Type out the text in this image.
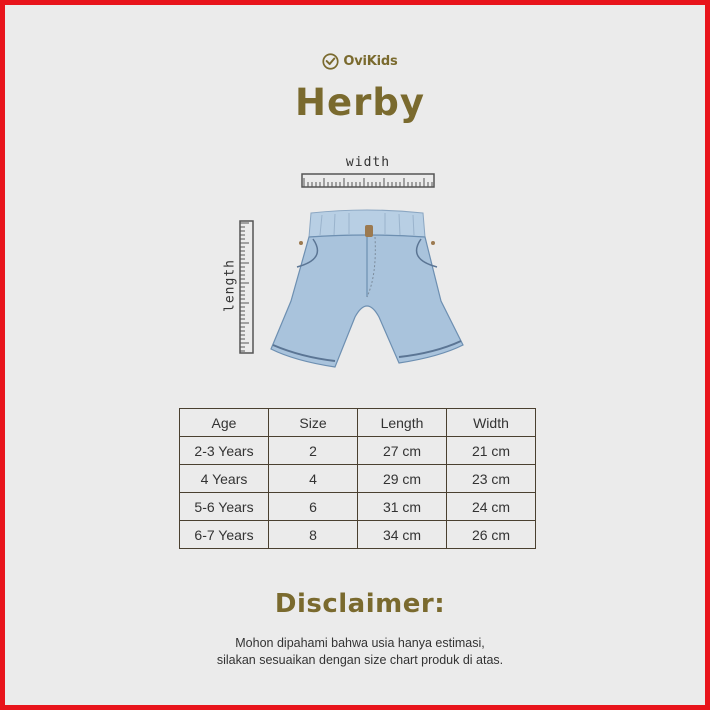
OviKids
Herby
width
length
Age	Size	Length	Width
2-3 Years	2	27 cm	21 cm
4 Years	4	29 cm	23 cm
5-6 Years	6	31 cm	24 cm
6-7 Years	8	34 cm	26 cm
Disclaimer:
Mohon dipahami bahwa usia hanya estimasi,
silakan sesuaikan dengan size chart produk di atas.
